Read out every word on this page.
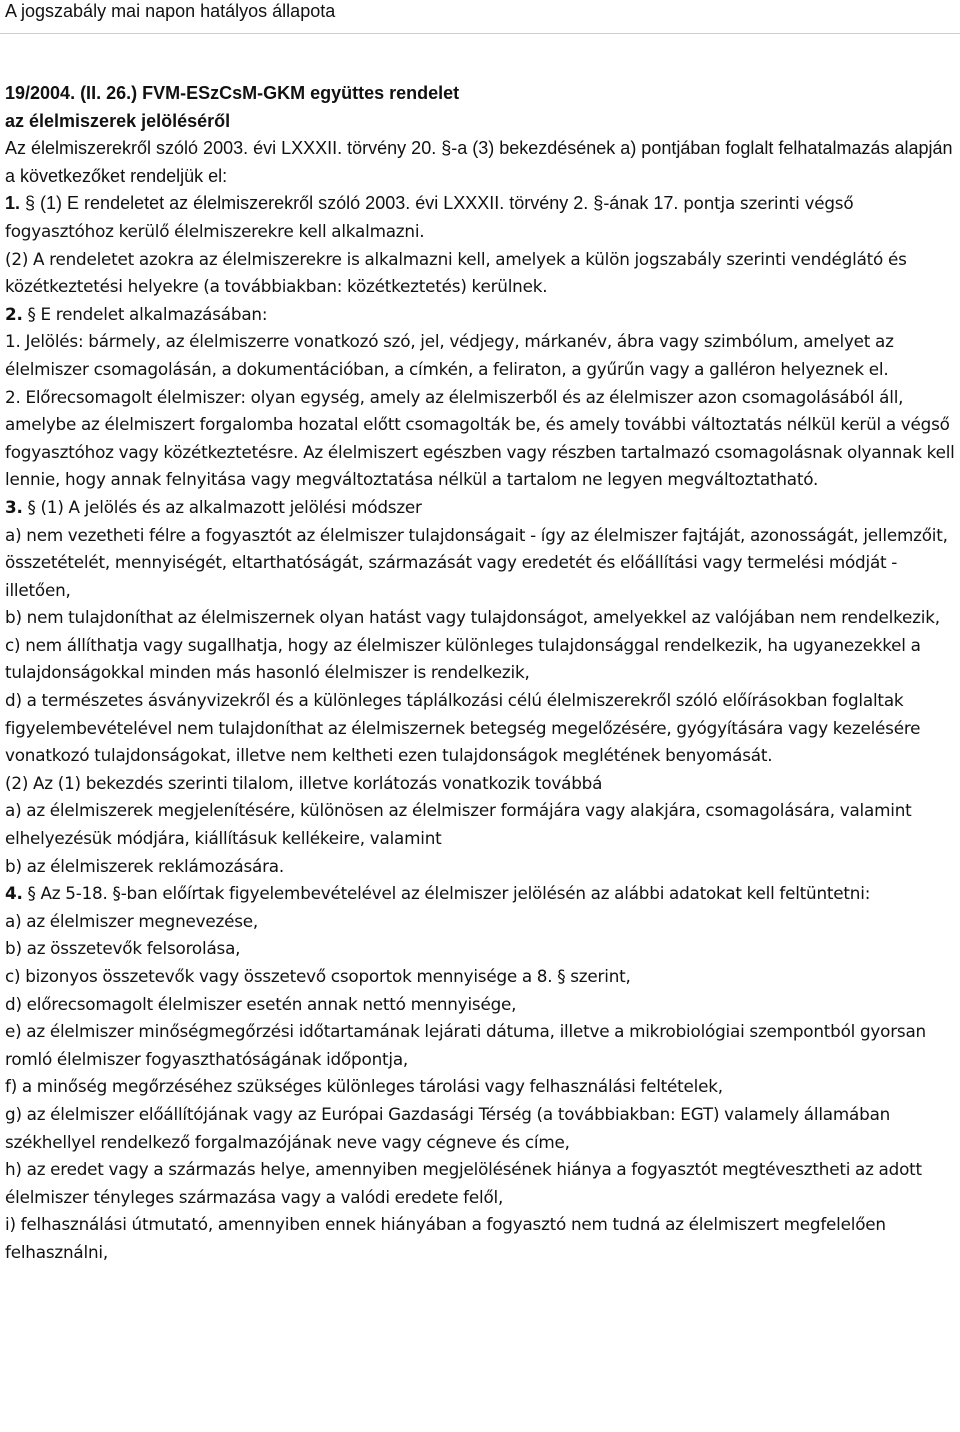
A jogszabály mai napon hatályos állapota

19/2004. (II. 26.) FVM-ESzCsM-GKM együttes rendelet
az élelmiszerek jelöléséről

Az élelmiszerekről szóló 2003. évi LXXXII. törvény 20. §-a (3) bekezdésének a) pontjában foglalt felhatalmazás alapján a következőket rendeljük el:

1. § (1) E rendeletet az élelmiszerekről szóló 2003. évi LXXXII. törvény 2. §-ának 17. pontja szerinti végső fogyasztóhoz kerülő élelmiszerekre kell alkalmazni.

(2) A rendeletet azokra az élelmiszerekre is alkalmazni kell, amelyek a külön jogszabály szerinti vendéglátó és közétkeztetési helyekre (a továbbiakban: közétkeztetés) kerülnek.

2. § E rendelet alkalmazásában:

1. Jelölés: bármely, az élelmiszerre vonatkozó szó, jel, védjegy, márkanév, ábra vagy szimbólum, amelyet az élelmiszer csomagolásán, a dokumentációban, a címkén, a feliraton, a gyűrűn vagy a galléron helyeznek el.

2. Előrecsomagolt élelmiszer: olyan egység, amely az élelmiszerből és az élelmiszer azon csomagolásából áll, amelybe az élelmiszert forgalomba hozatal előtt csomagolták be, és amely további változtatás nélkül kerül a végső fogyasztóhoz vagy közétkeztetésre. Az élelmiszert egészben vagy részben tartalmazó csomagolásnak olyannak kell lennie, hogy annak felnyitása vagy megváltoztatása nélkül a tartalom ne legyen megváltoztatható.

3. § (1) A jelölés és az alkalmazott jelölési módszer

a) nem vezetheti félre a fogyasztót az élelmiszer tulajdonságait - így az élelmiszer fajtáját, azonosságát, jellemzőit, összetételét, mennyiségét, eltarthatóságát, származását vagy eredetét és előállítási vagy termelési módját - illetően,

b) nem tulajdoníthat az élelmiszernek olyan hatást vagy tulajdonságot, amelyekkel az valójában nem rendelkezik,

c) nem állíthatja vagy sugallhatja, hogy az élelmiszer különleges tulajdonsággal rendelkezik, ha ugyanezekkel a tulajdonságokkal minden más hasonló élelmiszer is rendelkezik,

d) a természetes ásványvizekről és a különleges táplálkozási célú élelmiszerekről szóló előírásokban foglaltak figyelembevételével nem tulajdoníthat az élelmiszernek betegség megelőzésére, gyógyítására vagy kezelésére vonatkozó tulajdonságokat, illetve nem keltheti ezen tulajdonságok meglétének benyomását.

(2) Az (1) bekezdés szerinti tilalom, illetve korlátozás vonatkozik továbbá

a) az élelmiszerek megjelenítésére, különösen az élelmiszer formájára vagy alakjára, csomagolására, valamint elhelyezésük módjára, kiállításuk kellékeire, valamint

b) az élelmiszerek reklámozására.

4. § Az 5-18. §-ban előírtak figyelembevételével az élelmiszer jelölésén az alábbi adatokat kell feltüntetni:

a) az élelmiszer megnevezése,

b) az összetevők felsorolása,

c) bizonyos összetevők vagy összetevő csoportok mennyisége a 8. § szerint,

d) előrecsomagolt élelmiszer esetén annak nettó mennyisége,

e) az élelmiszer minőségmegőrzési időtartamának lejárati dátuma, illetve a mikrobiológiai szempontból gyorsan romló élelmiszer fogyaszthatóságának időpontja,

f) a minőség megőrzéséhez szükséges különleges tárolási vagy felhasználási feltételek,

g) az élelmiszer előállítójának vagy az Európai Gazdasági Térség (a továbbiakban: EGT) valamely államában székhellyel rendelkező forgalmazójának neve vagy cégneve és címe,

h) az eredet vagy a származás helye, amennyiben megjelölésének hiánya a fogyasztót megtévesztheti az adott élelmiszer tényleges származása vagy a valódi eredete felől,

i) felhasználási útmutató, amennyiben ennek hiányában a fogyasztó nem tudná az élelmiszert megfelelően felhasználni,
